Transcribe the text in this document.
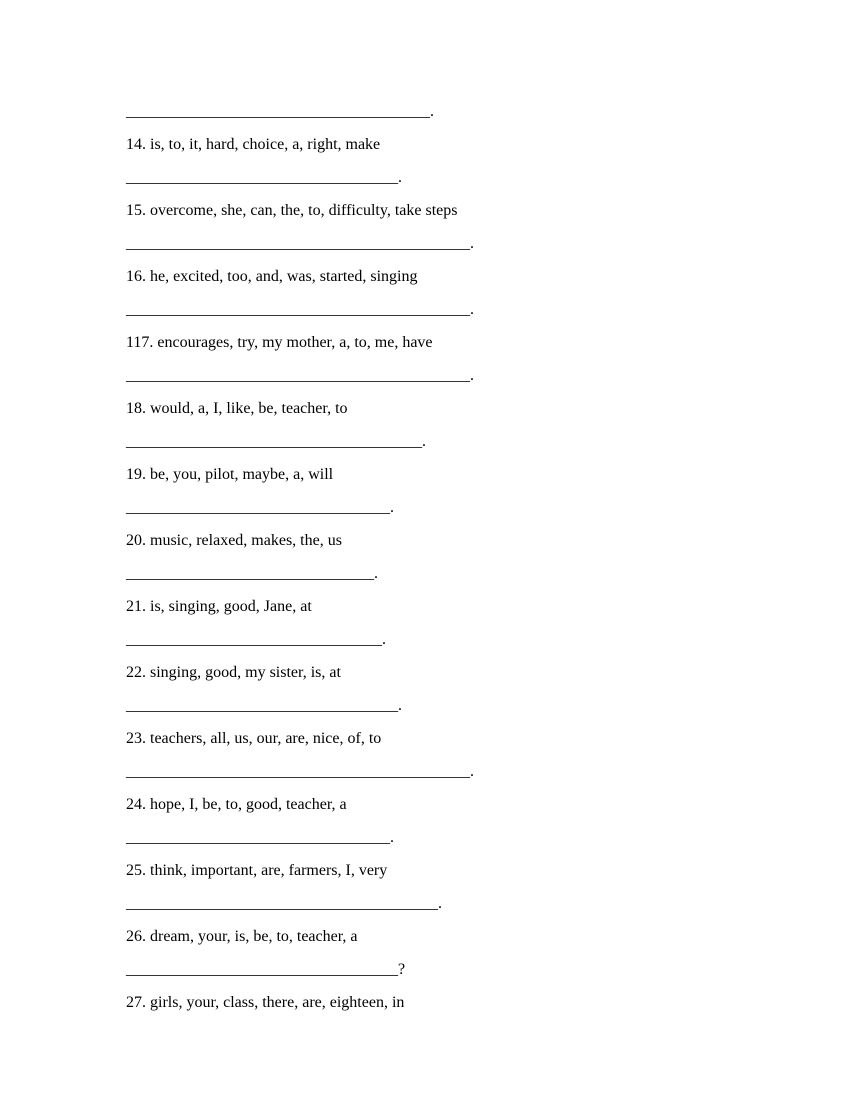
______________________________________.

14. is, to, it, hard, choice, a, right, make

__________________________________.

15. overcome, she, can, the, to, difficulty, take steps

___________________________________________.

16. he, excited, too, and, was, started, singing

___________________________________________.

117. encourages, try, my mother, a, to, me, have

___________________________________________.

18. would, a, I, like, be, teacher, to

_____________________________________.

19. be, you, pilot, maybe, a, will

_________________________________.

20. music, relaxed, makes, the, us

_______________________________.

21. is, singing, good, Jane, at

________________________________.

22. singing, good, my sister, is, at

__________________________________.

23. teachers, all, us, our, are, nice, of, to

___________________________________________.

24. hope, I, be, to, good, teacher, a

_________________________________.

25. think, important, are, farmers, I, very

_______________________________________.

26. dream, your, is, be, to, teacher, a

__________________________________?

27. girls, your, class, there, are, eighteen, in
